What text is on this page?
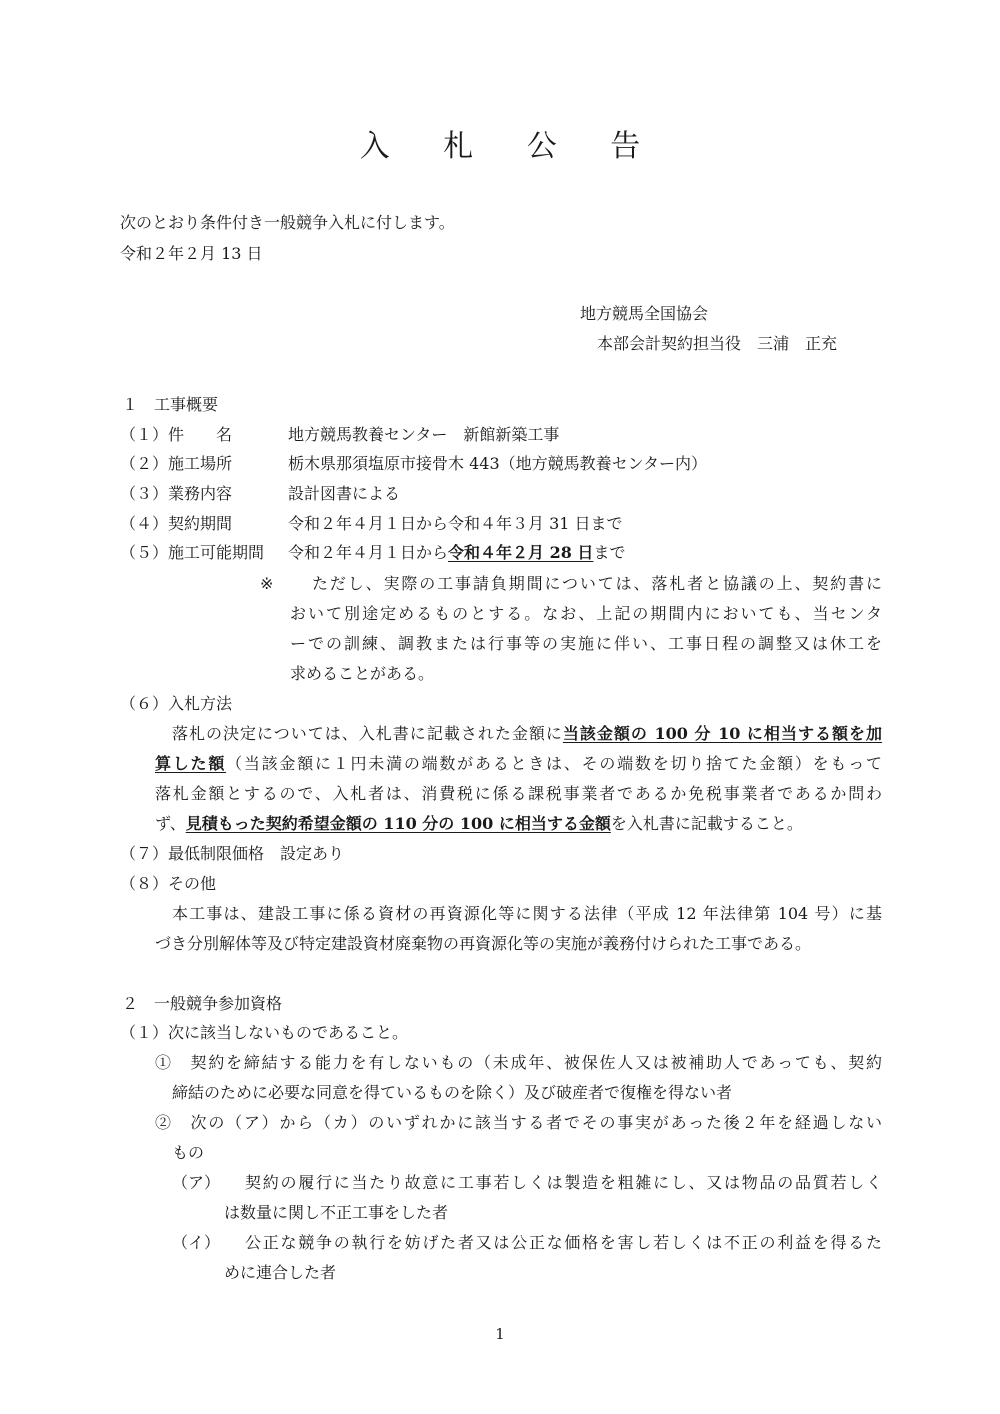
入 札 公 告
次のとおり条件付き一般競争入札に付します。
令和２年２月 13 日
地方競馬全国協会
本部会計契約担当役　三浦　正充
１　工事概要
（１）件　　名	地方競馬教養センター　新館新築工事
（２）施工場所	栃木県那須塩原市接骨木 443（地方競馬教養センター内）
（３）業務内容	設計図書による
（４）契約期間	令和２年４月１日から令和４年３月 31 日まで
（５）施工可能期間 令和２年４月１日から令和４年２月 28 日まで
※ ただし、実際の工事請負期間については、落札者と協議の上、契約書に
おいて別途定めるものとする。なお、上記の期間内においても、当センタ
ーでの訓練、調教または行事等の実施に伴い、工事日程の調整又は休工を
求めることがある。
（６）入札方法
落札の決定については、入札書に記載された金額に当該金額の 100 分 10 に相当する額を加
算した額（当該金額に１円未満の端数があるときは、その端数を切り捨てた金額）をもって
落札金額とするので、入札者は、消費税に係る課税事業者であるか免税事業者であるか問わ
ず、見積もった契約希望金額の 110 分の 100 に相当する金額を入札書に記載すること。
（７）最低制限価格　設定あり
（８）その他
本工事は、建設工事に係る資材の再資源化等に関する法律（平成 12 年法律第 104 号）に基
づき分別解体等及び特定建設資材廃棄物の再資源化等の実施が義務付けられた工事である。
２　一般競争参加資格
（１）次に該当しないものであること。
①　契約を締結する能力を有しないもの（未成年、被保佐人又は被補助人であっても、契約
締結のために必要な同意を得ているものを除く）及び破産者で復権を得ない者
②　次の（ア）から（カ）のいずれかに該当する者でその事実があった後２年を経過しない
もの
（ア） 契約の履行に当たり故意に工事若しくは製造を粗雑にし、又は物品の品質若しく
は数量に関し不正工事をした者
（イ） 公正な競争の執行を妨げた者又は公正な価格を害し若しくは不正の利益を得るた
めに連合した者
1
